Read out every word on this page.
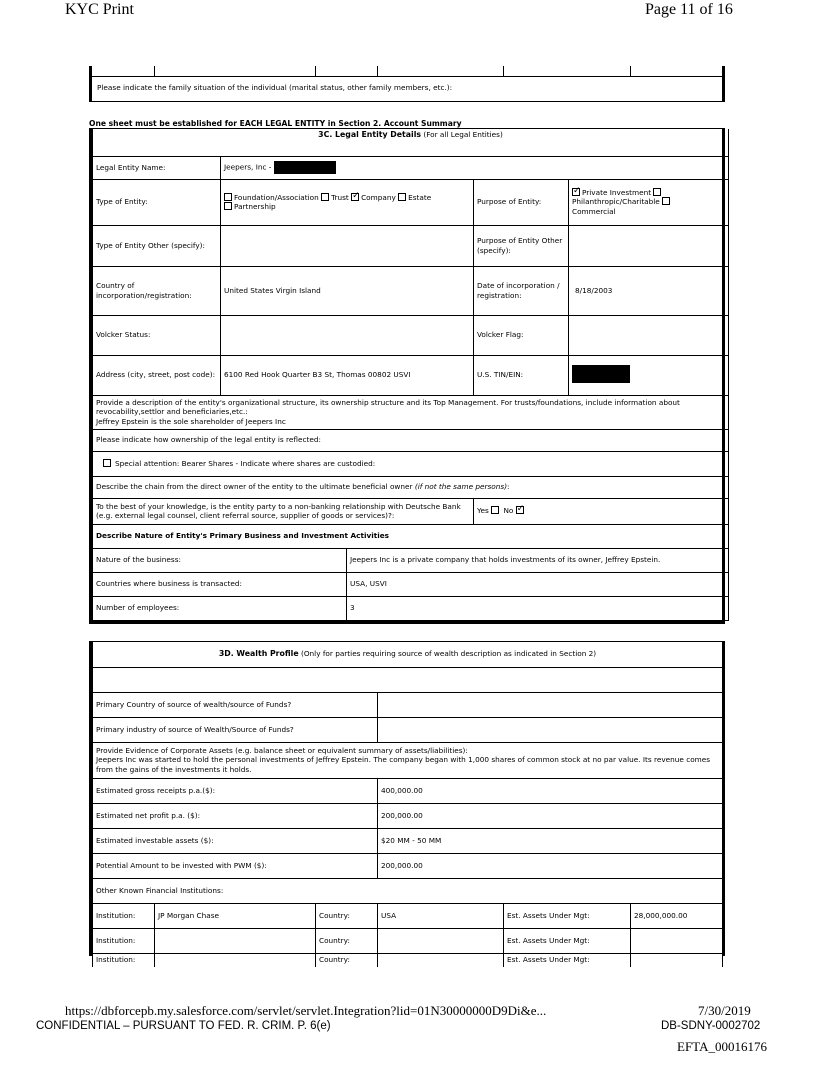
KYC Print	Page 11 of 16
Please indicate the family situation of the individual (marital status, other family members, etc.):
One sheet must be established for EACH LEGAL ENTITY in Section 2. Account Summary
3C. Legal Entity Details (For all Legal Entities)				
Legal Entity Name:	Jeepers, Inc -			
Type of Entity:	Foundation/Association Trust ✓ Company Estate
Partnership		Purpose of Entity:	✓Private Investment
Philanthropic/Charitable
Commercial
Type of Entity Other (specify):			Purpose of Entity Other (specify):	
Country of incorporation/registration:	United States Virgin Island		Date of incorporation / registration:	8/18/2003
Volcker Status:			Volcker Flag:	
Address (city, street, post code):	6100 Red Hook Quarter B3 St, Thomas 00802 USVI		U.S. TIN/EIN:	
Provide a description of the entity's organizational structure, its ownership structure and its Top Management. For trusts/foundations, include information about revocability,settlor and beneficiaries,etc.:
Jeffrey Epstein is the sole shareholder of Jeepers Inc				
Please indicate how ownership of the legal entity is reflected:				
Special attention: Bearer Shares - Indicate where shares are custodied:				
Describe the chain from the direct owner of the entity to the ultimate beneficial owner (if not the same persons):				
To the best of your knowledge, is the entity party to a non-banking relationship with Deutsche Bank (e.g. external legal counsel, client referral source, supplier of goods or services)?:			Yes No ✓
Describe Nature of Entity's Primary Business and Investment Activities				
Nature of the business:		Jeepers Inc is a private company that holds investments of its owner, Jeffrey Epstein.		
Countries where business is transacted:		USA, USVI		
Number of employees:		3		
3D. Wealth Profile (Only for parties requiring source of wealth description as indicated in Section 2)					

Primary Country of source of wealth/source of Funds?					
Primary industry of source of Wealth/Source of Funds?					
Provide Evidence of Corporate Assets (e.g. balance sheet or equivalent summary of assets/liabilities):
Jeepers Inc was started to hold the personal investments of Jeffrey Epstein. The company began with 1,000 shares of common stock at no par value. Its revenue comes from the gains of the investments it holds.					
Estimated gross receipts p.a.($):			400,000.00		
Estimated net profit p.a. ($):			200,000.00		
Estimated investable assets ($):			$20 MM - 50 MM		
Potential Amount to be invested with PWM ($):			200,000.00		
Other Known Financial Institutions:					
Institution:	JP Morgan Chase	Country:	USA	Est. Assets Under Mgt:	28,000,000.00
Institution:		Country:		Est. Assets Under Mgt:	
Institution:		Country:		Est. Assets Under Mgt:	
https://dbforcepb.my.salesforce.com/servlet/servlet.Integration?lid=01N30000000D9Di&e...	7/30/2019
CONFIDENTIAL – PURSUANT TO FED. R. CRIM. P. 6(e)	DB-SDNY-0002702
EFTA_00016176
